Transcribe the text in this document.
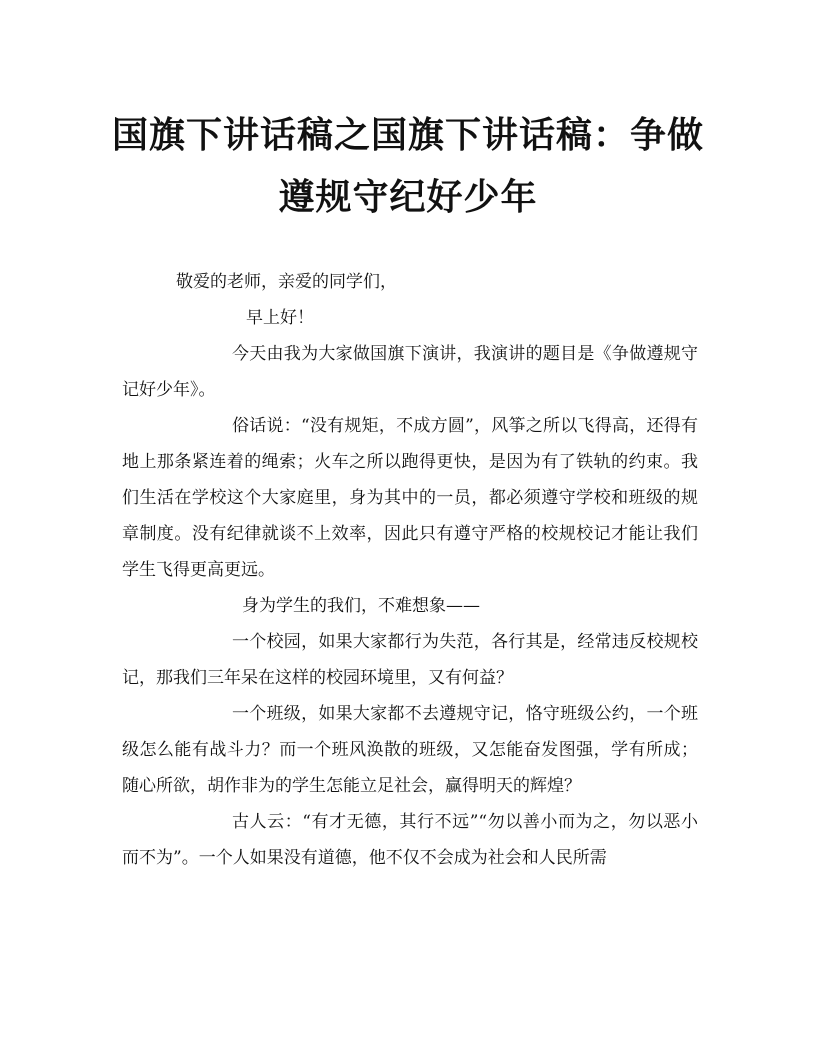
国旗下讲话稿之国旗下讲话稿：争做遵规守纪好少年

敬爱的老师，亲爱的同学们，

早上好！

今天由我为大家做国旗下演讲，我演讲的题目是《争做遵规守记好少年》。

俗话说：“没有规矩，不成方圆”，风筝之所以飞得高，还得有地上那条紧连着的绳索；火车之所以跑得更快，是因为有了铁轨的约束。我们生活在学校这个大家庭里，身为其中的一员，都必须遵守学校和班级的规章制度。没有纪律就谈不上效率，因此只有遵守严格的校规校记才能让我们学生飞得更高更远。

身为学生的我们，不难想象——

一个校园，如果大家都行为失范，各行其是，经常违反校规校记，那我们三年呆在这样的校园环境里，又有何益？

一个班级，如果大家都不去遵规守记，恪守班级公约，一个班级怎么能有战斗力？而一个班风涣散的班级，又怎能奋发图强，学有所成；随心所欲，胡作非为的学生怎能立足社会，赢得明天的辉煌？

古人云：“有才无德，其行不远”“勿以善小而为之，勿以恶小而不为”。一个人如果没有道德，他不仅不会成为社会和人民所需
